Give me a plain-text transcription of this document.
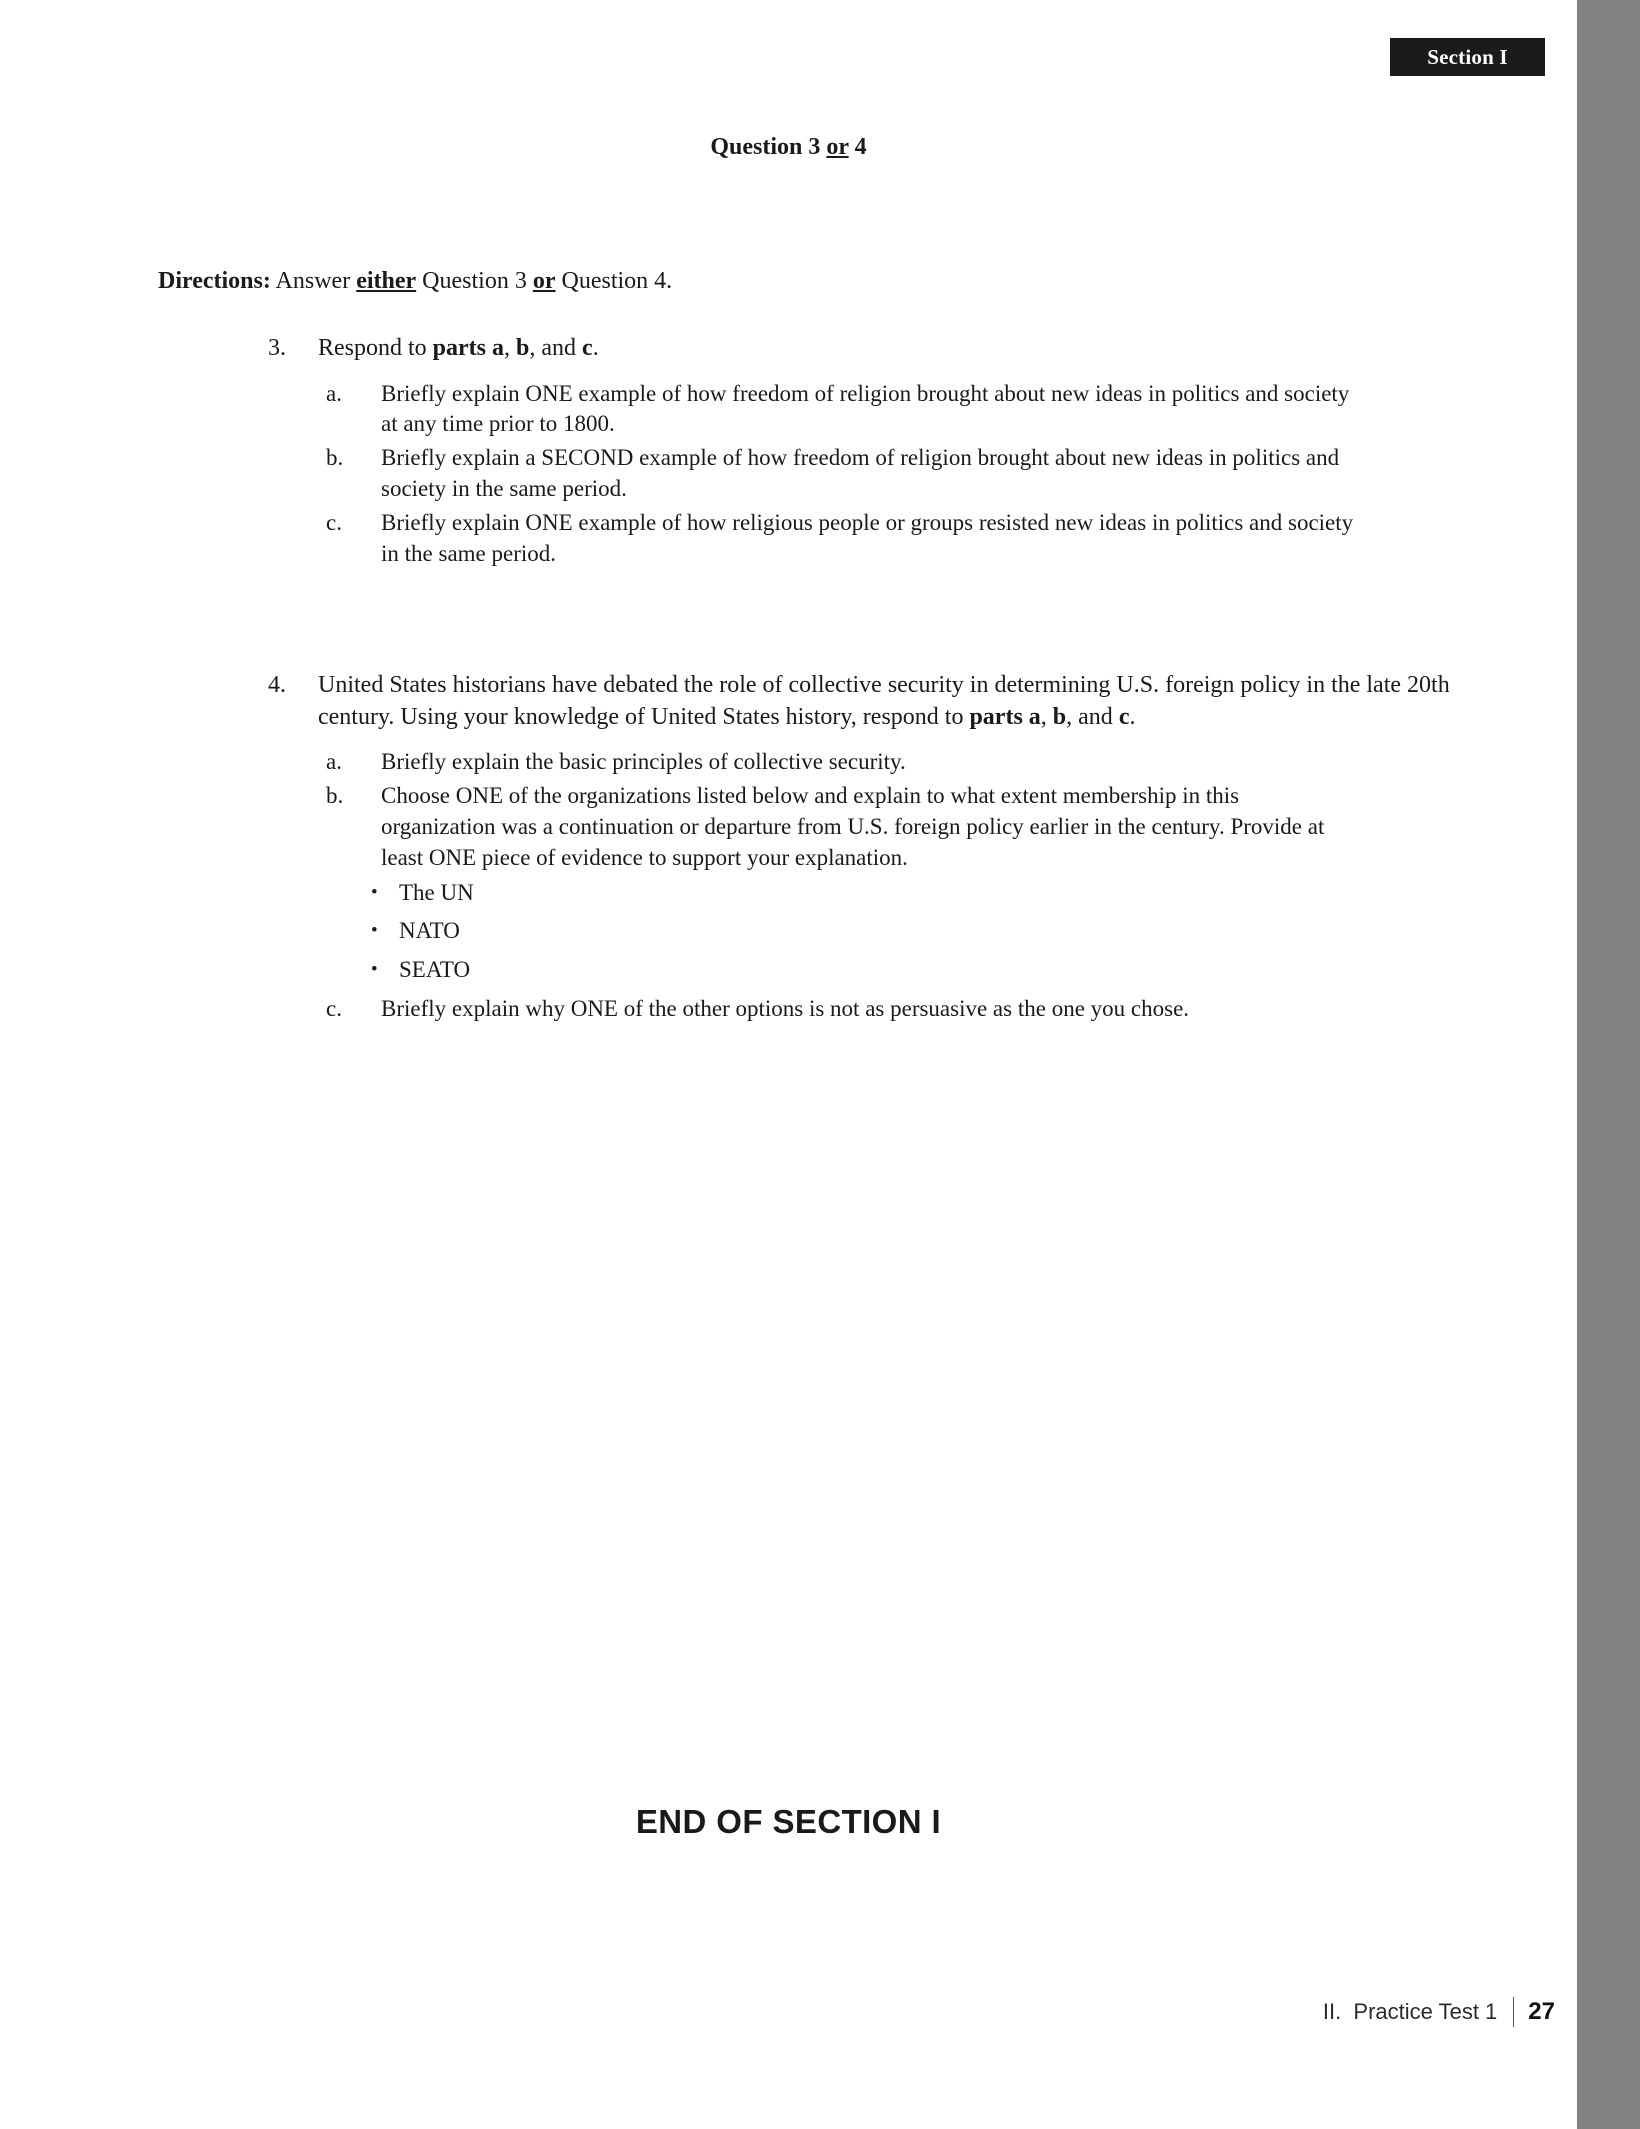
Section I
Question 3 or 4
Directions: Answer either Question 3 or Question 4.
3.	Respond to parts a, b, and c.
a.	Briefly explain ONE example of how freedom of religion brought about new ideas in politics and society at any time prior to 1800.
b.	Briefly explain a SECOND example of how freedom of religion brought about new ideas in politics and society in the same period.
c.	Briefly explain ONE example of how religious people or groups resisted new ideas in politics and society in the same period.
4.	United States historians have debated the role of collective security in determining U.S. foreign policy in the late 20th century. Using your knowledge of United States history, respond to parts a, b, and c.
a.	Briefly explain the basic principles of collective security.
b.	Choose ONE of the organizations listed below and explain to what extent membership in this organization was a continuation or departure from U.S. foreign policy earlier in the century. Provide at least ONE piece of evidence to support your explanation.
• The UN
• NATO
• SEATO
c.	Briefly explain why ONE of the other options is not as persuasive as the one you chose.
END OF SECTION I
II.  Practice Test 1 27
